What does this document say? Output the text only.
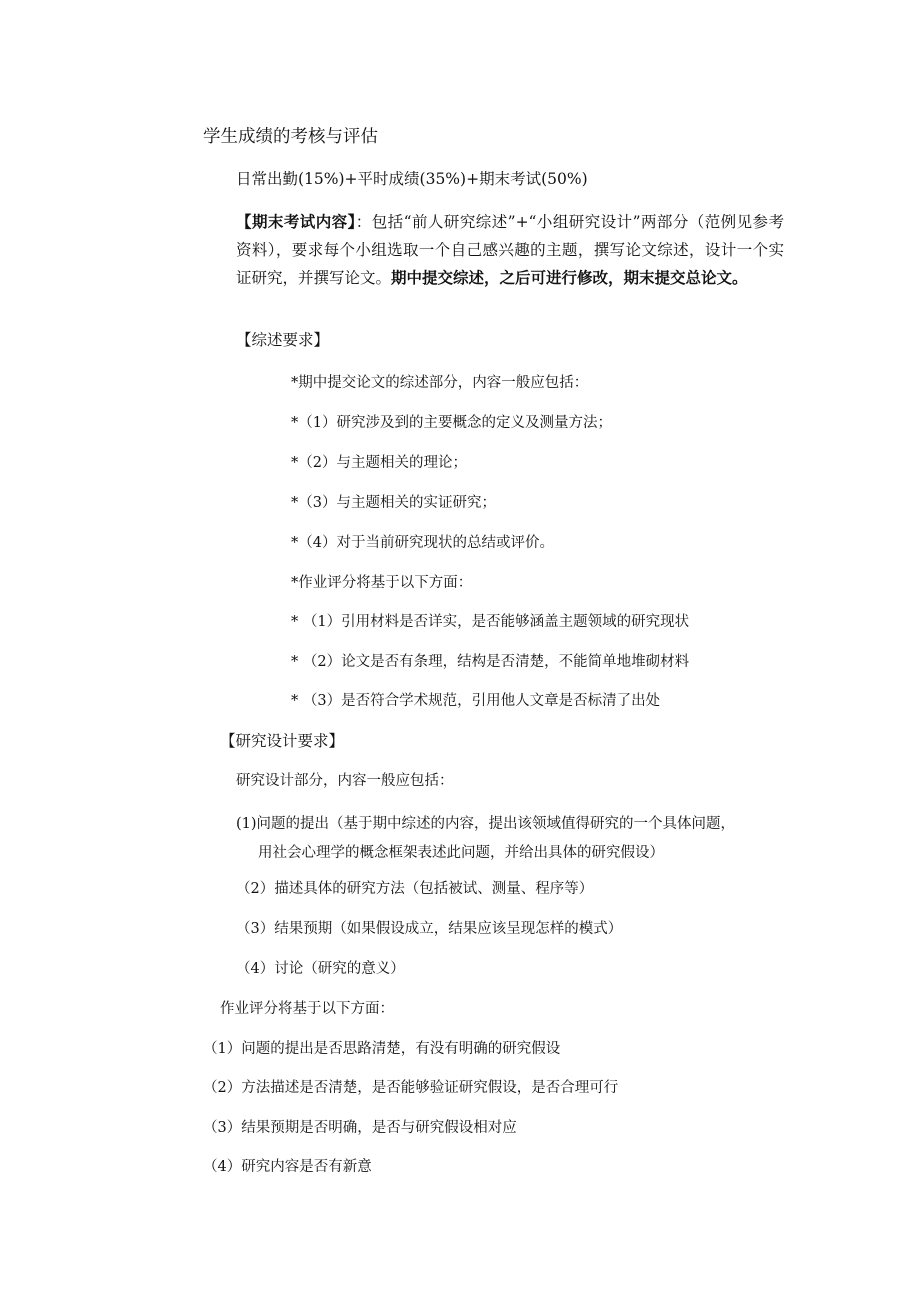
学生成绩的考核与评估

日常出勤(15%)+平时成绩(35%)+期末考试(50%)

【期末考试内容】：包括“前人研究综述”+“小组研究设计”两部分（范例见参考资料），要求每个小组选取一个自己感兴趣的主题，撰写论文综述，设计一个实证研究，并撰写论文。期中提交综述，之后可进行修改，期末提交总论文。

【综述要求】

*期中提交论文的综述部分，内容一般应包括：

*（1）研究涉及到的主要概念的定义及测量方法；

*（2）与主题相关的理论；

*（3）与主题相关的实证研究；

*（4）对于当前研究现状的总结或评价。

*作业评分将基于以下方面：

* （1）引用材料是否详实，是否能够涵盖主题领域的研究现状

* （2）论文是否有条理，结构是否清楚，不能简单地堆砌材料

* （3）是否符合学术规范，引用他人文章是否标清了出处

【研究设计要求】

研究设计部分，内容一般应包括：

(1)问题的提出（基于期中综述的内容，提出该领域值得研究的一个具体问题，
用社会心理学的概念框架表述此问题，并给出具体的研究假设）

（2）描述具体的研究方法（包括被试、测量、程序等）

（3）结果预期（如果假设成立，结果应该呈现怎样的模式）

（4）讨论（研究的意义）

作业评分将基于以下方面：

（1）问题的提出是否思路清楚，有没有明确的研究假设

（2）方法描述是否清楚，是否能够验证研究假设，是否合理可行

（3）结果预期是否明确，是否与研究假设相对应

（4）研究内容是否有新意
